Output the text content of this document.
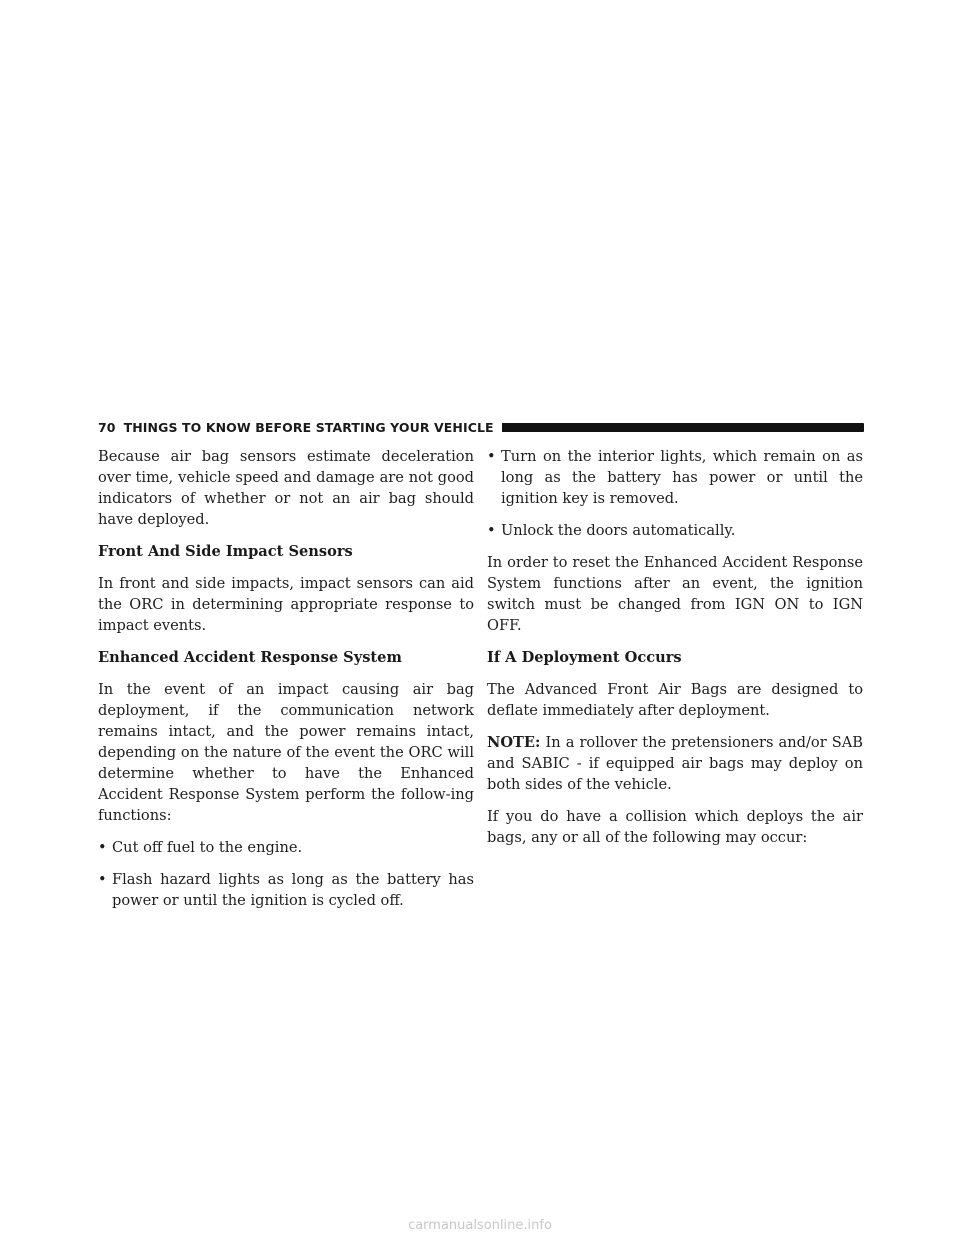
70 THINGS TO KNOW BEFORE STARTING YOUR VEHICLE

Because air bag sensors estimate deceleration over time, vehicle speed and damage are not good indicators of whether or not an air bag should have deployed.

Front And Side Impact Sensors

In front and side impacts, impact sensors can aid the ORC in determining appropriate response to impact events.

Enhanced Accident Response System

In the event of an impact causing air bag deployment, if the communication network remains intact, and the power remains intact, depending on the nature of the event the ORC will determine whether to have the Enhanced Accident Response System perform the follow-ing functions:

• Cut off fuel to the engine.
• Flash hazard lights as long as the battery has power or until the ignition is cycled off.
• Turn on the interior lights, which remain on as long as the battery has power or until the ignition key is removed.
• Unlock the doors automatically.

In order to reset the Enhanced Accident Response System functions after an event, the ignition switch must be changed from IGN ON to IGN OFF.

If A Deployment Occurs

The Advanced Front Air Bags are designed to deflate immediately after deployment.

NOTE: In a rollover the pretensioners and/or SAB and SABIC - if equipped air bags may deploy on both sides of the vehicle.

If you do have a collision which deploys the air bags, any or all of the following may occur:

carmanualsonline.info
